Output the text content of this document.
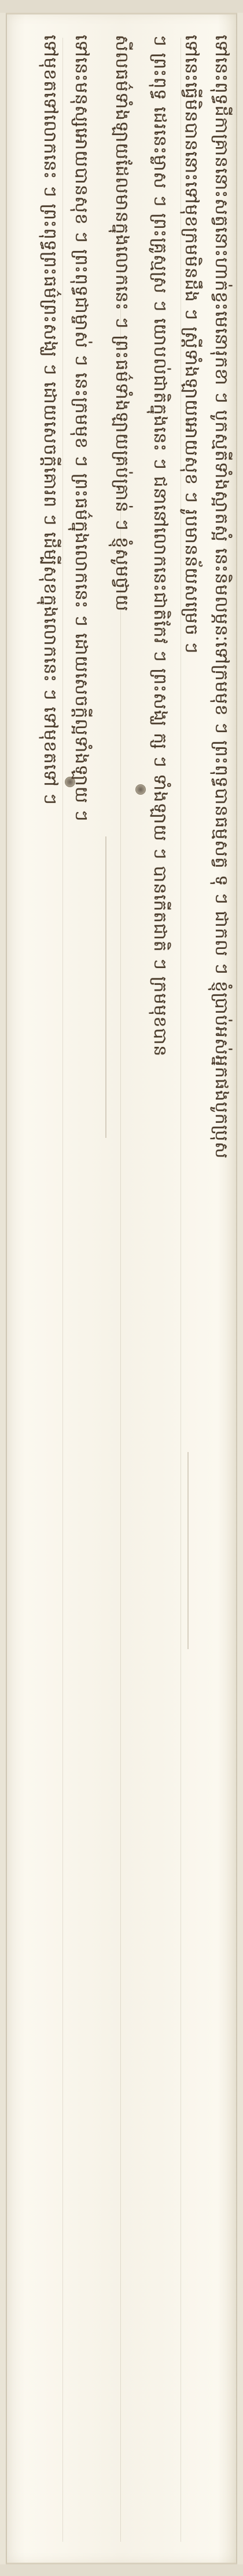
ទៅនេះពុទ្ធដីកាគ្រាននោះសត្វនោះហាក់ខ្វះមេនោរុកខា ៗ បូកស្មតីទាំងស្អាតស្អំ នេះនិមលម្ភនៈទៅក្រមមុខ ៗ ព្រះពុទ្ធបានធម្មសត្វ ទុ ៗ ជាកល ៗ ខ្ញុំប្រាប់អស់អ្នកផងបូកប្រុស
ទៅនេះធ្វើមិនបាននោះទៅមុខក្រមមិនដឹង ៗ ស្ត្រីទាំងឡាយអោយសុខ ៗ រូបមានន័យសម្រេច ៗ
ៗ ព្រះពុទ្ធ ដេរនេះម្លាស ៗ ព្រះគ្រូស្មស្រ ៗ យោបល់ជាតិក្នុងនេះ ៗ ជនានៅលោកនេះជាតិកែវ ៗ ព្រះសង្ឃ ក្ស ៗ ទាំងឡាយ ៗ បានកើតជាតិ ៗ ក្រមមុខបាន
សីលធម៌ទាំងឡាយដែលមានក្នុងលោកនេះ ៗ ព្រះធម៌ទាំងឡាយគ្រប់គ្រាន់ ៗ ខ្ញុំសូមថ្វាយ
ទៅនេះមនុស្សអោយបានសុខ ៗ ព្រះពុទ្ធជាម្ចាស់ ៗ នេះក្រមមុខ ៗ ព្រះធម៌ក្នុងលោកនេះ ៗ ដោយសេចក្តីល្អទាំងឡាយ ៗ
ទៅមុខតទៅលោកនេះ ៗ ព្រះពុទ្ធព្រះធម៌ព្រះសង្ឃ ៗ ដោយសេចក្តីគោរព ៗ ដើម្បីសុខក្នុងលោកនេះ ៗ ទៅមុខតទៅ ៗ
